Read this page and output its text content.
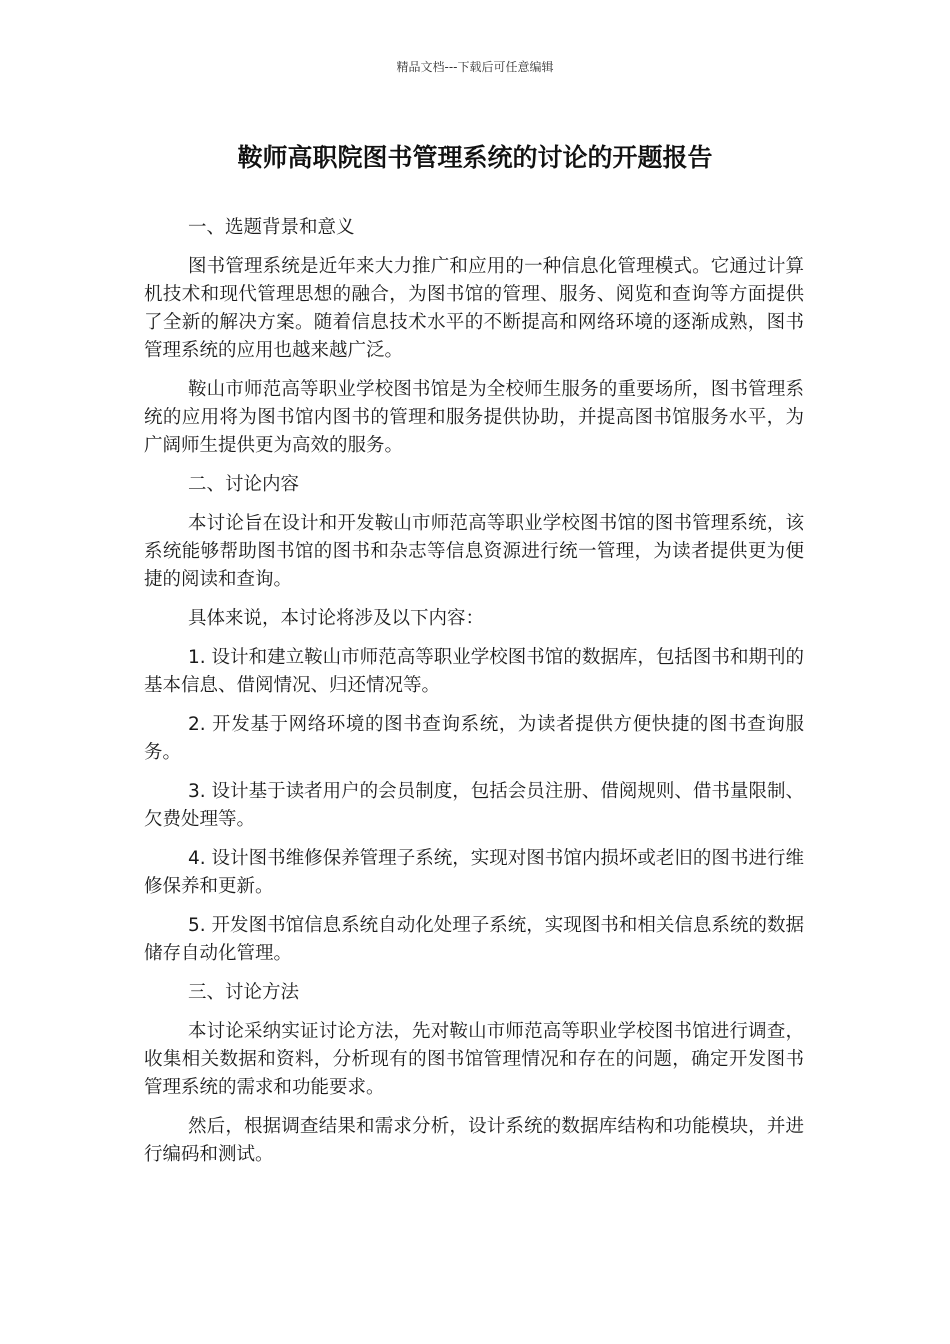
精品文档---下载后可任意编辑
鞍师高职院图书管理系统的讨论的开题报告

一、选题背景和意义

图书管理系统是近年来大力推广和应用的一种信息化管理模式。它通过计算机技术和现代管理思想的融合，为图书馆的管理、服务、阅览和查询等方面提供了全新的解决方案。随着信息技术水平的不断提高和网络环境的逐渐成熟，图书管理系统的应用也越来越广泛。

鞍山市师范高等职业学校图书馆是为全校师生服务的重要场所，图书管理系统的应用将为图书馆内图书的管理和服务提供协助，并提高图书馆服务水平，为广阔师生提供更为高效的服务。

二、讨论内容

本讨论旨在设计和开发鞍山市师范高等职业学校图书馆的图书管理系统，该系统能够帮助图书馆的图书和杂志等信息资源进行统一管理，为读者提供更为便捷的阅读和查询。

具体来说，本讨论将涉及以下内容：

1. 设计和建立鞍山市师范高等职业学校图书馆的数据库，包括图书和期刊的基本信息、借阅情况、归还情况等。

2. 开发基于网络环境的图书查询系统，为读者提供方便快捷的图书查询服务。

3. 设计基于读者用户的会员制度，包括会员注册、借阅规则、借书量限制、欠费处理等。

4. 设计图书维修保养管理子系统，实现对图书馆内损坏或老旧的图书进行维修保养和更新。

5. 开发图书馆信息系统自动化处理子系统，实现图书和相关信息系统的数据储存自动化管理。

三、讨论方法

本讨论采纳实证讨论方法，先对鞍山市师范高等职业学校图书馆进行调查，收集相关数据和资料，分析现有的图书馆管理情况和存在的问题，确定开发图书管理系统的需求和功能要求。

然后，根据调查结果和需求分析，设计系统的数据库结构和功能模块，并进行编码和测试。
